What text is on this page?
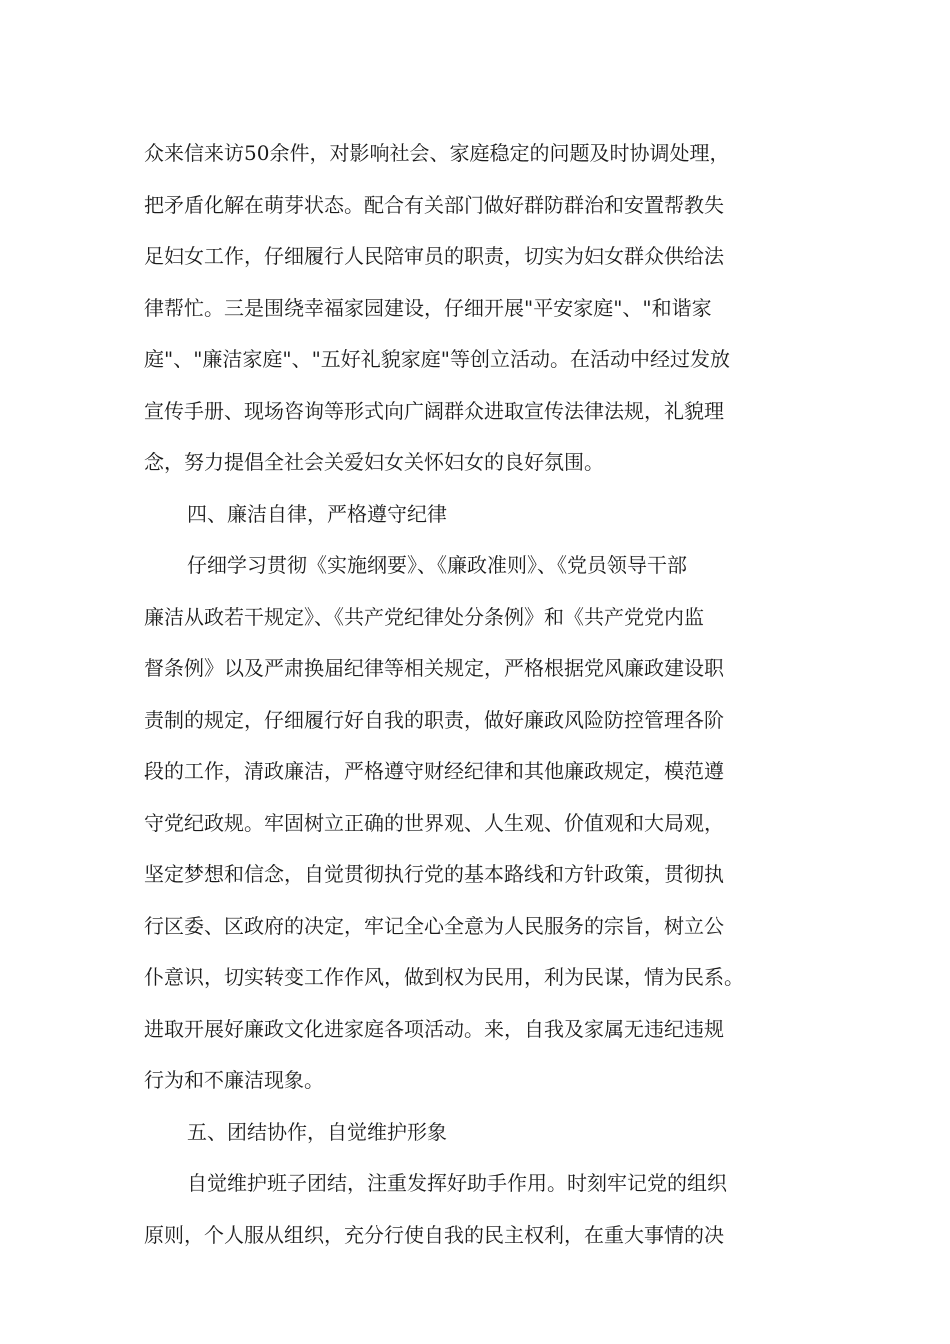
众来信来访50余件，对影响社会、家庭稳定的问题及时协调处理，
把矛盾化解在萌芽状态。配合有关部门做好群防群治和安置帮教失
足妇女工作，仔细履行人民陪审员的职责，切实为妇女群众供给法
律帮忙。三是围绕幸福家园建设，仔细开展"平安家庭"、"和谐家
庭"、"廉洁家庭"、"五好礼貌家庭"等创立活动。在活动中经过发放
宣传手册、现场咨询等形式向广阔群众进取宣传法律法规，礼貌理
念，努力提倡全社会关爱妇女关怀妇女的良好氛围。
四、廉洁自律，严格遵守纪律
仔细学习贯彻《实施纲要》、《廉政准则》、《党员领导干部
廉洁从政若干规定》、《共产党纪律处分条例》和《共产党党内监
督条例》以及严肃换届纪律等相关规定，严格根据党风廉政建设职
责制的规定，仔细履行好自我的职责，做好廉政风险防控管理各阶
段的工作，清政廉洁，严格遵守财经纪律和其他廉政规定，模范遵
守党纪政规。牢固树立正确的世界观、人生观、价值观和大局观，
坚定梦想和信念，自觉贯彻执行党的基本路线和方针政策，贯彻执
行区委、区政府的决定，牢记全心全意为人民服务的宗旨，树立公
仆意识，切实转变工作作风，做到权为民用，利为民谋，情为民系。
进取开展好廉政文化进家庭各项活动。来，自我及家属无违纪违规
行为和不廉洁现象。
五、团结协作，自觉维护形象
自觉维护班子团结，注重发挥好助手作用。时刻牢记党的组织
原则，个人服从组织，充分行使自我的民主权利，在重大事情的决
